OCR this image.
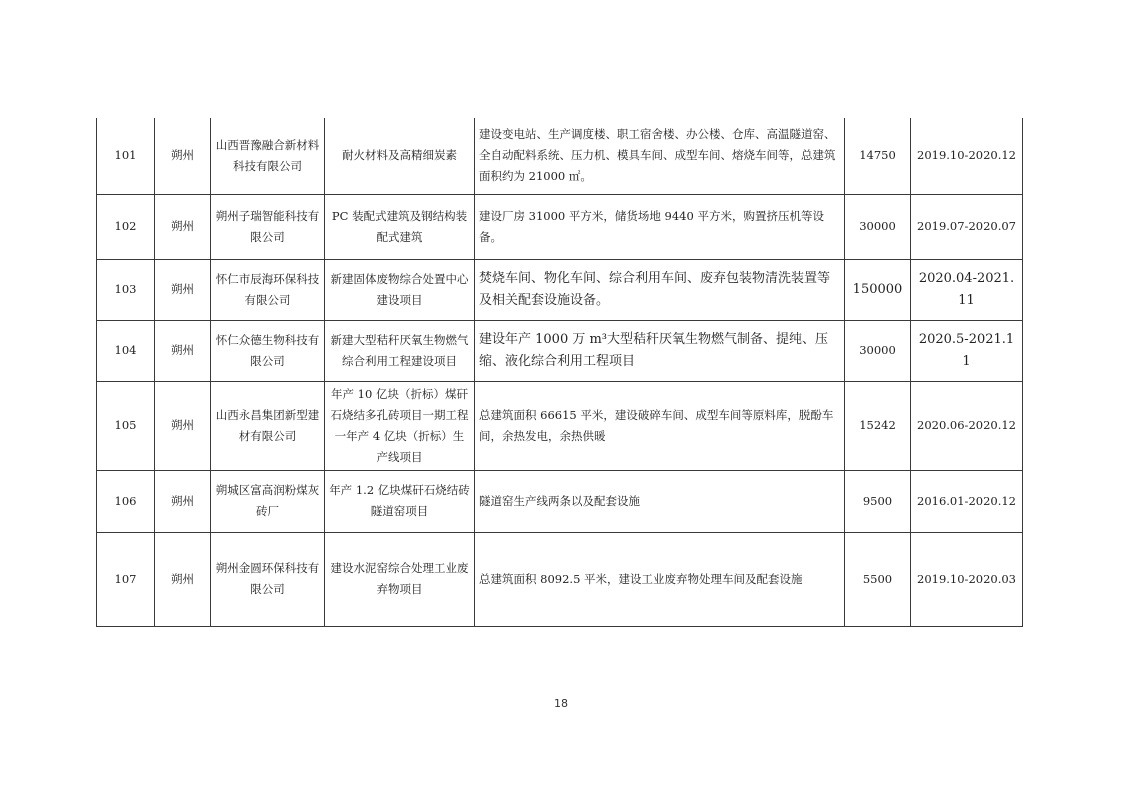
101	朔州	山西晋豫融合新材料科技有限公司	耐火材料及高精细炭素	建设变电站、生产调度楼、职工宿舍楼、办公楼、仓库、高温隧道窑、全自动配料系统、压力机、模具车间、成型车间、熔烧车间等，总建筑面积约为 21000 ㎡。	14750	2019.10-2020.12
102	朔州	朔州子瑞智能科技有限公司	PC 装配式建筑及钢结构装配式建筑	建设厂房 31000 平方米，储货场地 9440 平方米，购置挤压机等设备。	30000	2019.07-2020.07
103	朔州	怀仁市辰海环保科技有限公司	新建固体废物综合处置中心建设项目	焚烧车间、物化车间、综合利用车间、废弃包装物清洗装置等及相关配套设施设备。	150000	2020.04-2021.11
104	朔州	怀仁众德生物科技有限公司	新建大型秸秆厌氧生物燃气综合利用工程建设项目	建设年产 1000 万 m³大型秸秆厌氧生物燃气制备、提纯、压缩、液化综合利用工程项目	30000	2020.5-2021.11
105	朔州	山西永昌集团新型建材有限公司	年产 10 亿块（折标）煤矸石烧结多孔砖项目一期工程一年产 4 亿块（折标）生产线项目	总建筑面积 66615 平米，建设破碎车间、成型车间等原料库，脱酚车间，余热发电，余热供暖	15242	2020.06-2020.12
106	朔州	朔城区富高润粉煤灰砖厂	年产 1.2 亿块煤矸石烧结砖隧道窑项目	隧道窑生产线两条以及配套设施	9500	2016.01-2020.12
107	朔州	朔州金圆环保科技有限公司	建设水泥窑综合处理工业废弃物项目	总建筑面积 8092.5 平米，建设工业废弃物处理车间及配套设施	5500	2019.10-2020.03
18
